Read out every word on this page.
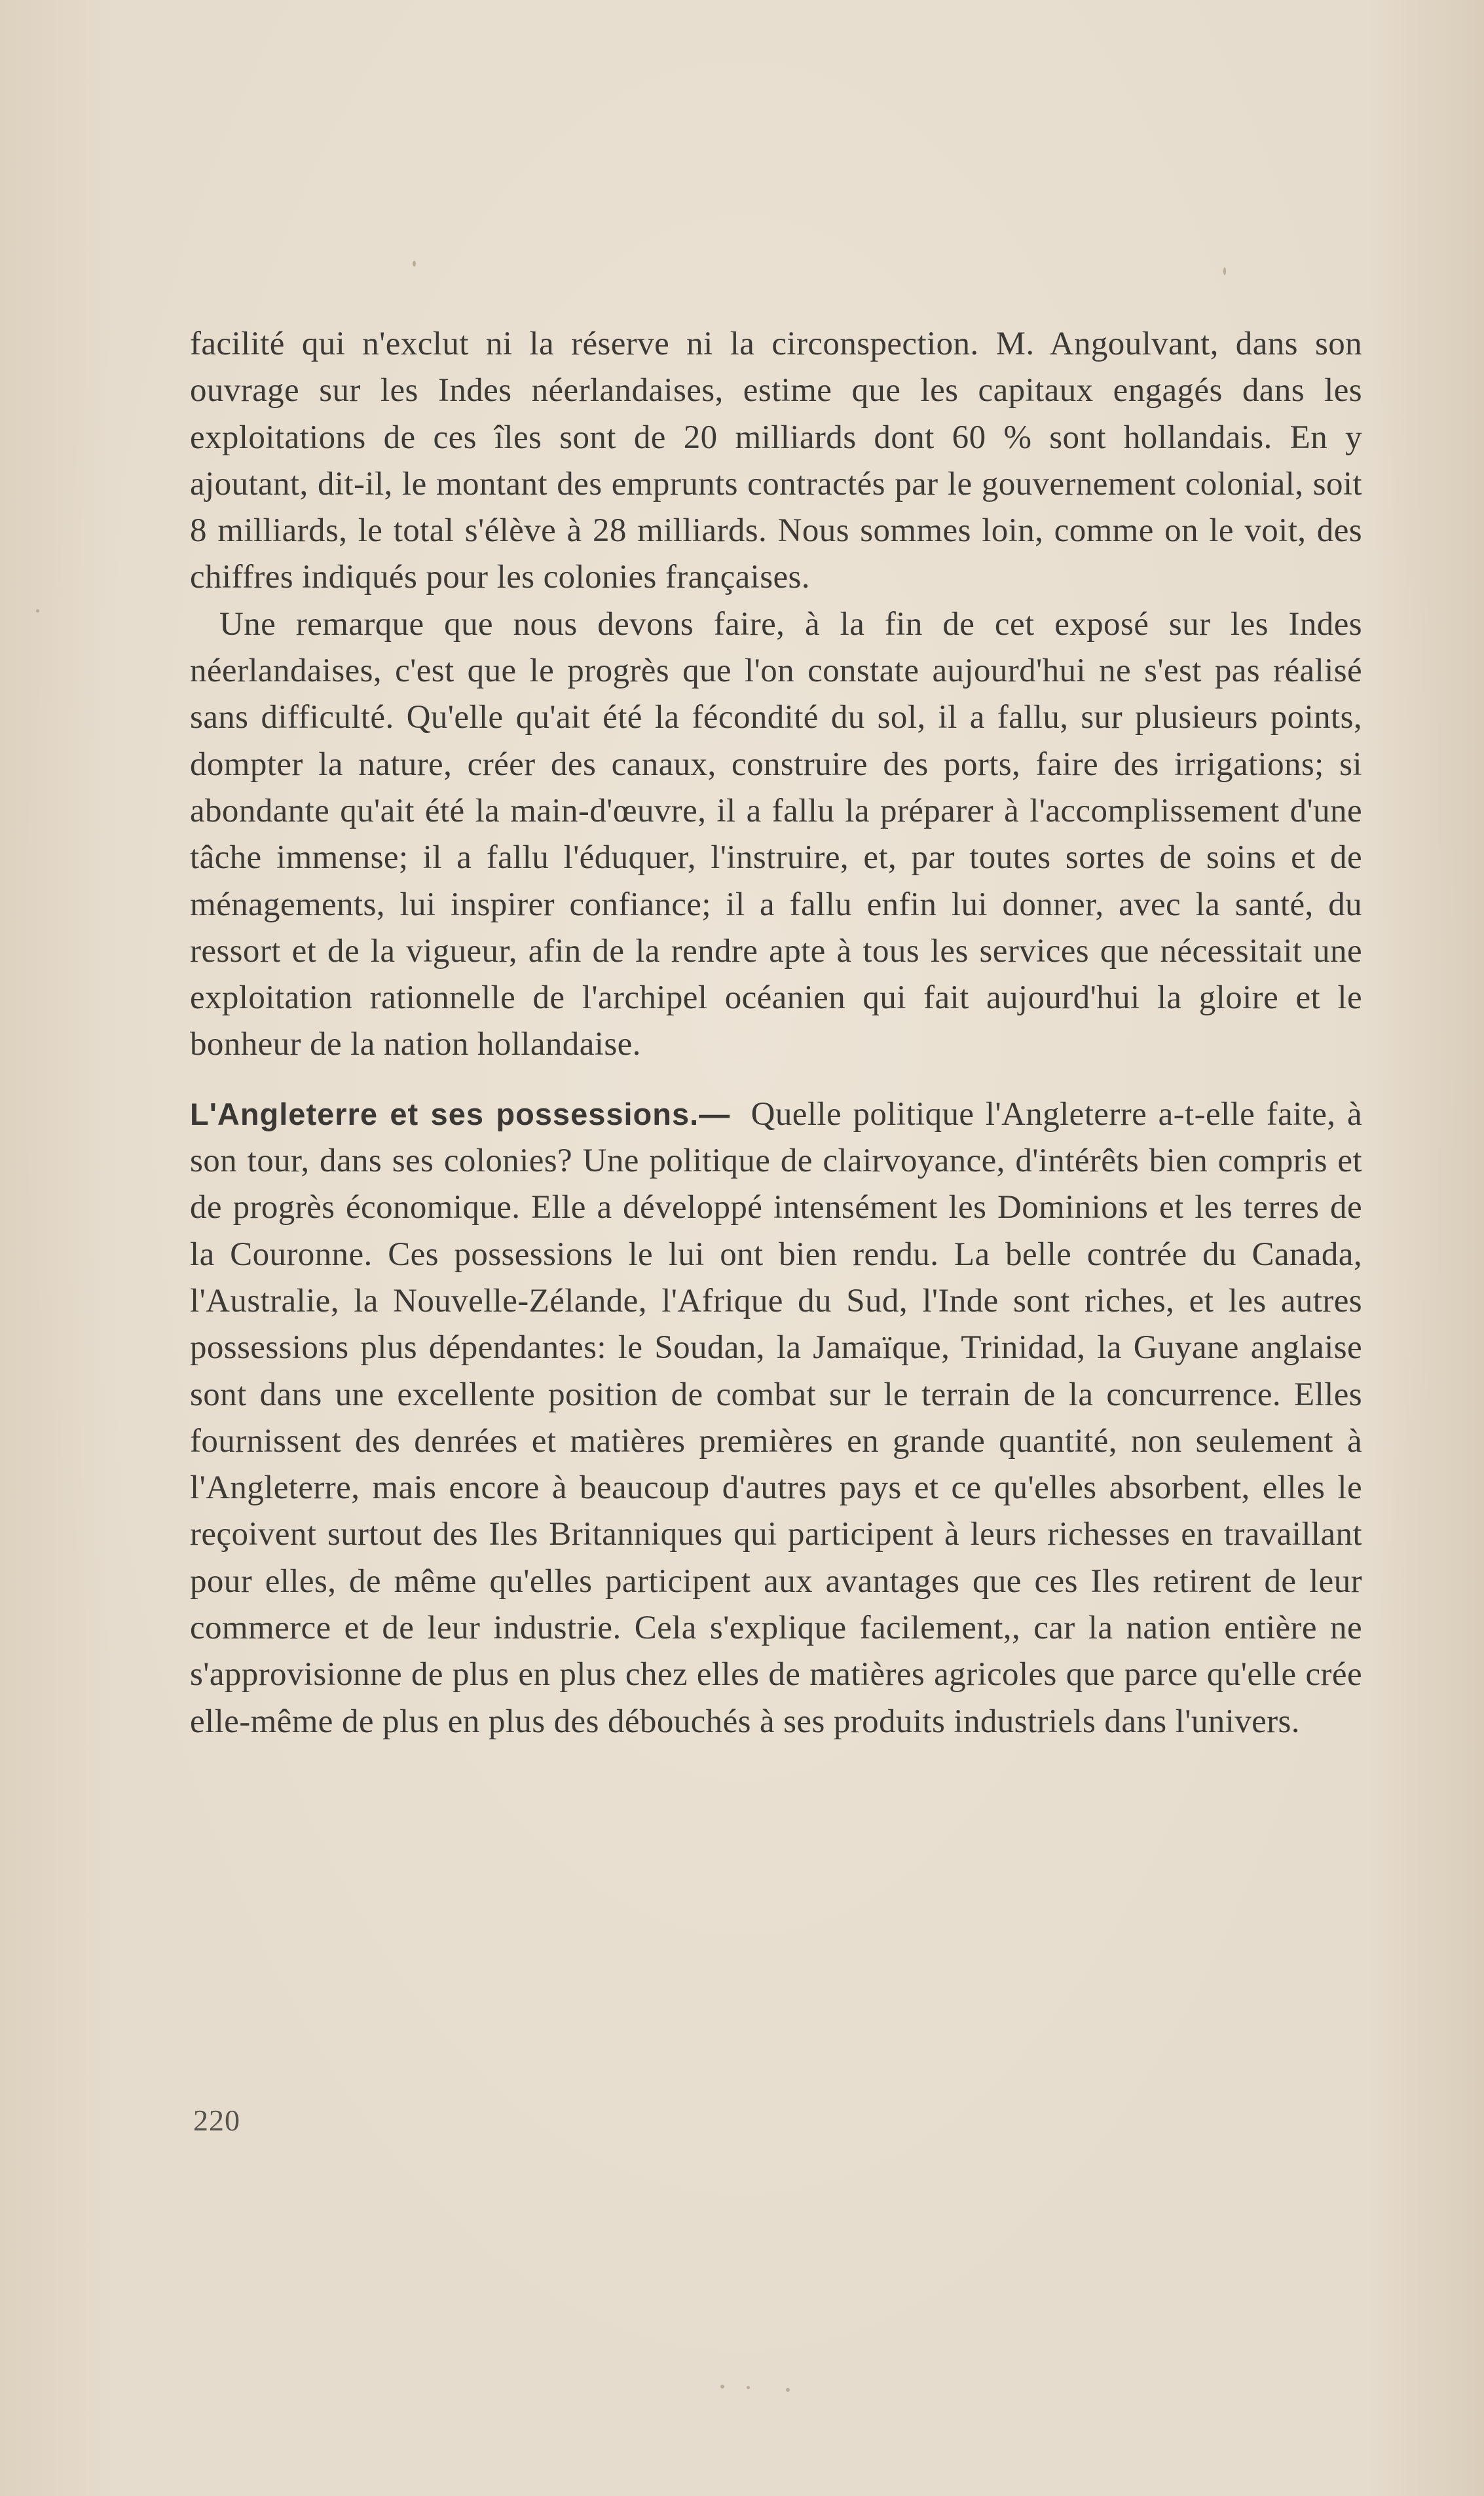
facilité qui n'exclut ni la réserve ni la circonspection. M. Angoulvant, dans son ouvrage sur les Indes néerlandaises, estime que les capitaux engagés dans les exploitations de ces îles sont de 20 milliards dont 60 % sont hollandais. En y ajoutant, dit-il, le montant des emprunts contractés par le gouvernement colonial, soit 8 milliards, le total s'élève à 28 milliards. Nous sommes loin, comme on le voit, des chiffres indiqués pour les colonies françaises.

Une remarque que nous devons faire, à la fin de cet exposé sur les Indes néerlandaises, c'est que le progrès que l'on constate aujourd'hui ne s'est pas réalisé sans difficulté. Qu'elle qu'ait été la fécondité du sol, il a fallu, sur plusieurs points, dompter la nature, créer des canaux, construire des ports, faire des irrigations; si abondante qu'ait été la main-d'œuvre, il a fallu la préparer à l'accomplissement d'une tâche immense; il a fallu l'éduquer, l'instruire, et, par toutes sortes de soins et de ménagements, lui inspirer confiance; il a fallu enfin lui donner, avec la santé, du ressort et de la vigueur, afin de la rendre apte à tous les services que nécessitait une exploitation rationnelle de l'archipel océanien qui fait aujourd'hui la gloire et le bonheur de la nation hollandaise.

L'Angleterre et ses possessions.— Quelle politique l'Angleterre a-t-elle faite, à son tour, dans ses colonies? Une politique de clairvoyance, d'intérêts bien compris et de progrès économique. Elle a développé intensément les Dominions et les terres de la Couronne. Ces possessions le lui ont bien rendu. La belle contrée du Canada, l'Australie, la Nouvelle-Zélande, l'Afrique du Sud, l'Inde sont riches, et les autres possessions plus dépendantes: le Soudan, la Jamaïque, Trinidad, la Guyane anglaise sont dans une excellente position de combat sur le terrain de la concurrence. Elles fournissent des denrées et matières premières en grande quantité, non seulement à l'Angleterre, mais encore à beaucoup d'autres pays et ce qu'elles absorbent, elles le reçoivent surtout des Iles Britanniques qui participent à leurs richesses en travaillant pour elles, de même qu'elles participent aux avantages que ces Iles retirent de leur commerce et de leur industrie. Cela s'explique facilement,, car la nation entière ne s'approvisionne de plus en plus chez elles de matières agricoles que parce qu'elle crée elle-même de plus en plus des débouchés à ses produits industriels dans l'univers.

220
